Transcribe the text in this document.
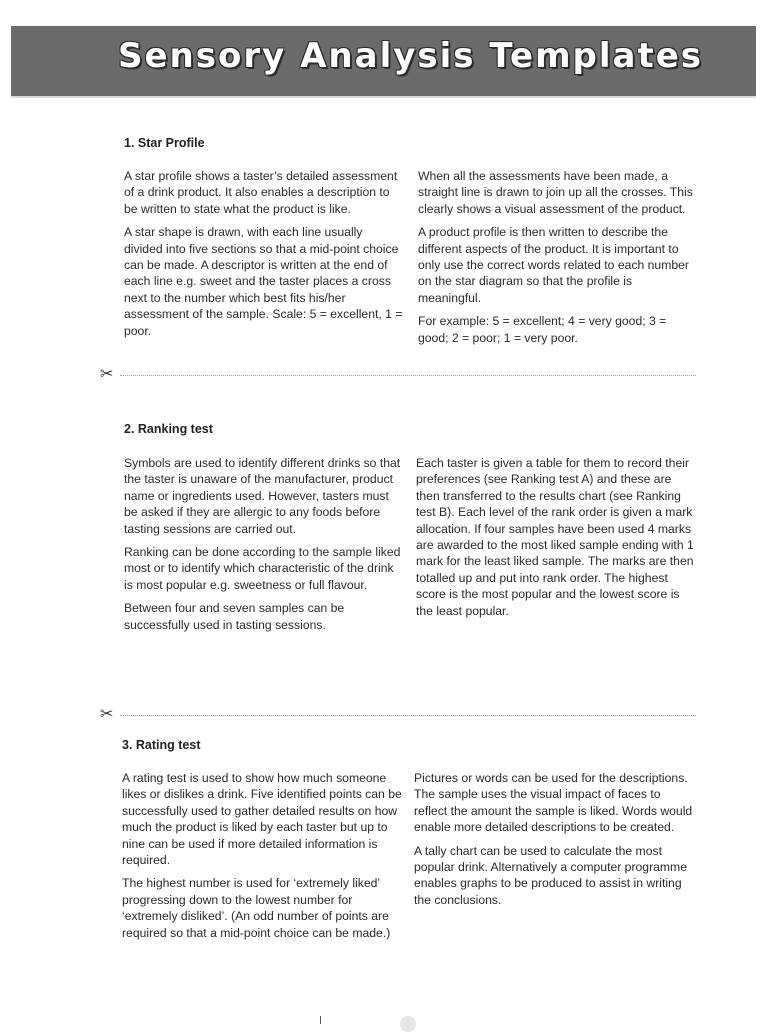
Sensory Analysis Templates
1. Star Profile

A star profile shows a taster’s detailed assessment of a drink product. It also enables a description to be written to state what the product is like.

A star shape is drawn, with each line usually divided into five sections so that a mid-point choice can be made. A descriptor is written at the end of each line e.g. sweet and the taster places a cross next to the number which best fits his/her assessment of the sample. Scale: 5 = excellent, 1 = poor.

When all the assessments have been made, a straight line is drawn to join up all the crosses. This clearly shows a visual assessment of the product.

A product profile is then written to describe the different aspects of the product. It is important to only use the correct words related to each number on the star diagram so that the profile is meaningful.

For example: 5 = excellent; 4 = very good; 3 = good; 2 = poor; 1 = very poor.

✂
2. Ranking test

Symbols are used to identify different drinks so that the taster is unaware of the manufacturer, product name or ingredients used. However, tasters must be asked if they are allergic to any foods before tasting sessions are carried out.

Ranking can be done according to the sample liked most or to identify which characteristic of the drink is most popular e.g. sweetness or full flavour.

Between four and seven samples can be successfully used in tasting sessions.

Each taster is given a table for them to record their preferences (see Ranking test A) and these are then transferred to the results chart (see Ranking test B). Each level of the rank order is given a mark allocation. If four samples have been used 4 marks are awarded to the most liked sample ending with 1 mark for the least liked sample. The marks are then totalled up and put into rank order. The highest score is the most popular and the lowest score is the least popular.

✂
3. Rating test

A rating test is used to show how much someone likes or dislikes a drink. Five identified points can be successfully used to gather detailed results on how much the product is liked by each taster but up to nine can be used if more detailed information is required.

The highest number is used for ‘extremely liked’ progressing down to the lowest number for ‘extremely disliked’. (An odd number of points are required so that a mid-point choice can be made.)

Pictures or words can be used for the descriptions. The sample uses the visual impact of faces to reflect the amount the sample is liked. Words would enable more detailed descriptions to be created.

A tally chart can be used to calculate the most popular drink. Alternatively a computer programme enables graphs to be produced to assist in writing the conclusions.
